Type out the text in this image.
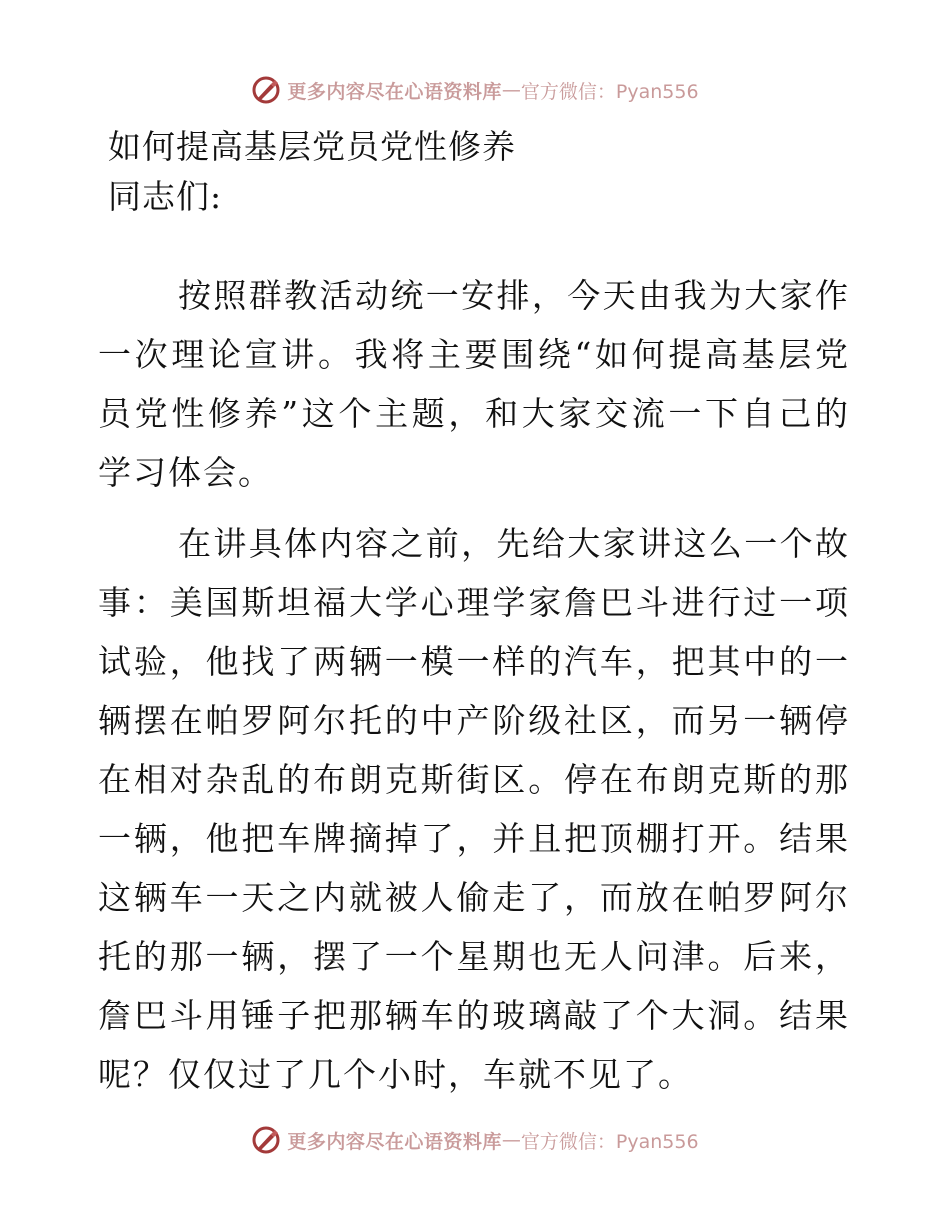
更多内容尽在心语资料库 — 官方微信：Pyan556
如何提高基层党员党性修养
同志们:
按照群教活动统一安排，今天由我为大家作一次理论宣讲。我将主要围绕“如何提高基层党员党性修养”这个主题，和大家交流一下自己的学习体会。
在讲具体内容之前，先给大家讲这么一个故事：美国斯坦福大学心理学家詹巴斗进行过一项试验，他找了两辆一模一样的汽车，把其中的一辆摆在帕罗阿尔托的中产阶级社区，而另一辆停在相对杂乱的布朗克斯街区。停在布朗克斯的那一辆，他把车牌摘掉了，并且把顶棚打开。结果这辆车一天之内就被人偷走了，而放在帕罗阿尔托的那一辆，摆了一个星期也无人问津。后来，詹巴斗用锤子把那辆车的玻璃敲了个大洞。结果呢？仅仅过了几个小时，车就不见了。
更多内容尽在心语资料库 — 官方微信：Pyan556
